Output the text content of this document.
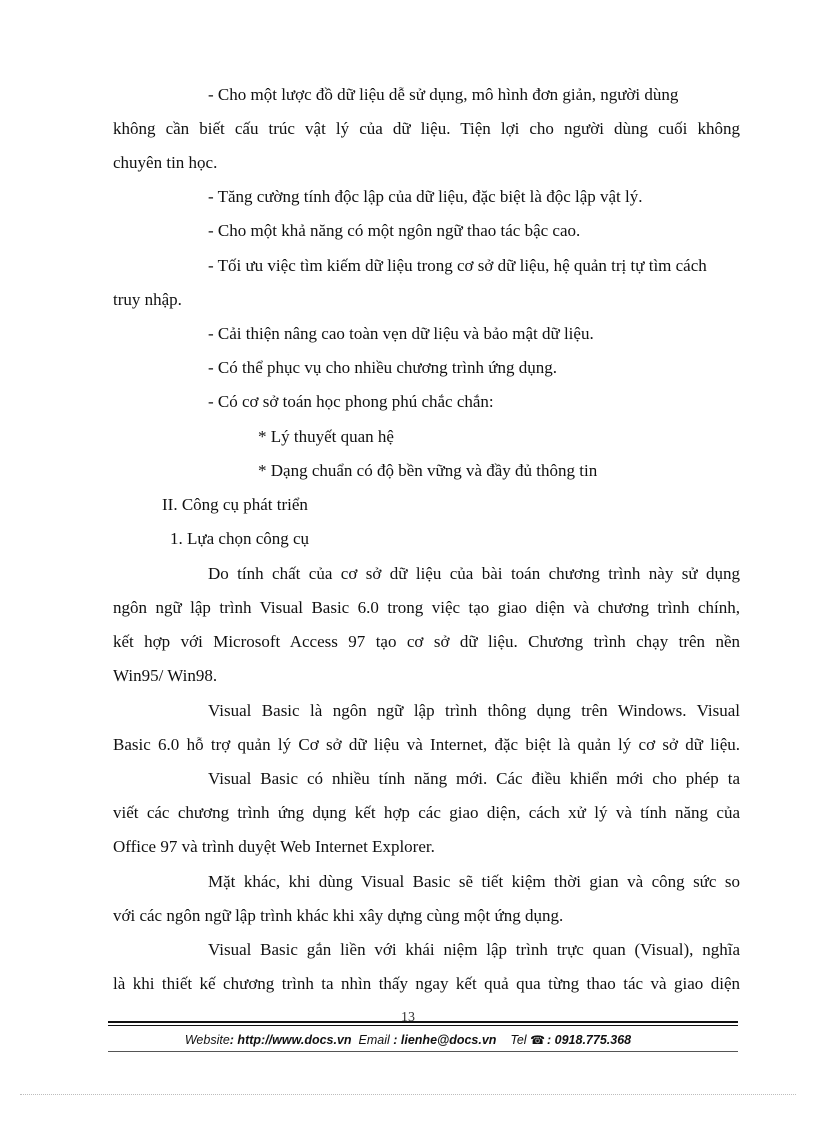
- Cho một lược đồ dữ liệu dễ sử dụng, mô hình đơn giản, người dùng
không cần biết cấu trúc vật lý của dữ liệu. Tiện lợi cho người dùng cuối không
chuyên tin học.
- Tăng cường tính độc lập của dữ liệu, đặc biệt là độc lập vật lý.
- Cho một khả năng có một ngôn ngữ thao tác bậc cao.
- Tối ưu việc tìm kiếm dữ liệu trong cơ sở dữ liệu, hệ quản trị tự tìm cách
truy nhập.
- Cải thiện nâng cao toàn vẹn dữ liệu và bảo mật dữ liệu.
- Có thể phục vụ cho nhiều chương trình ứng dụng.
- Có cơ sở toán học phong phú chắc chắn:
* Lý thuyết quan hệ
* Dạng chuẩn có độ bền vững và đầy đủ thông tin
II. Công cụ phát triển
1. Lựa chọn công cụ
Do tính chất của cơ sở dữ liệu của bài toán chương trình này sử dụng
ngôn ngữ lập trình Visual Basic 6.0 trong việc tạo giao diện và chương trình chính,
kết hợp với Microsoft Access 97 tạo cơ sở dữ liệu. Chương trình chạy trên nền
Win95/ Win98.
Visual Basic là ngôn ngữ lập trình thông dụng trên Windows. Visual
Basic 6.0 hỗ trợ quản lý Cơ sở dữ liệu và Internet, đặc biệt là quản lý cơ sở dữ liệu.
Visual Basic có nhiều tính năng mới. Các điều khiển mới cho phép ta
viết các chương trình ứng dụng kết hợp các giao diện, cách xử lý và tính năng của
Office 97 và trình duyệt Web Internet Explorer.
Mặt khác, khi dùng Visual Basic sẽ tiết kiệm thời gian và công sức so
với các ngôn ngữ lập trình khác khi xây dựng cùng một ứng dụng.
Visual Basic gắn liền với khái niệm lập trình trực quan (Visual), nghĩa
là khi thiết kế chương trình ta nhìn thấy ngay kết quả qua từng thao tác và giao diện
13
Website: http://www.docs.vn Email : lienhe@docs.vn Tel ☎ : 0918.775.368
